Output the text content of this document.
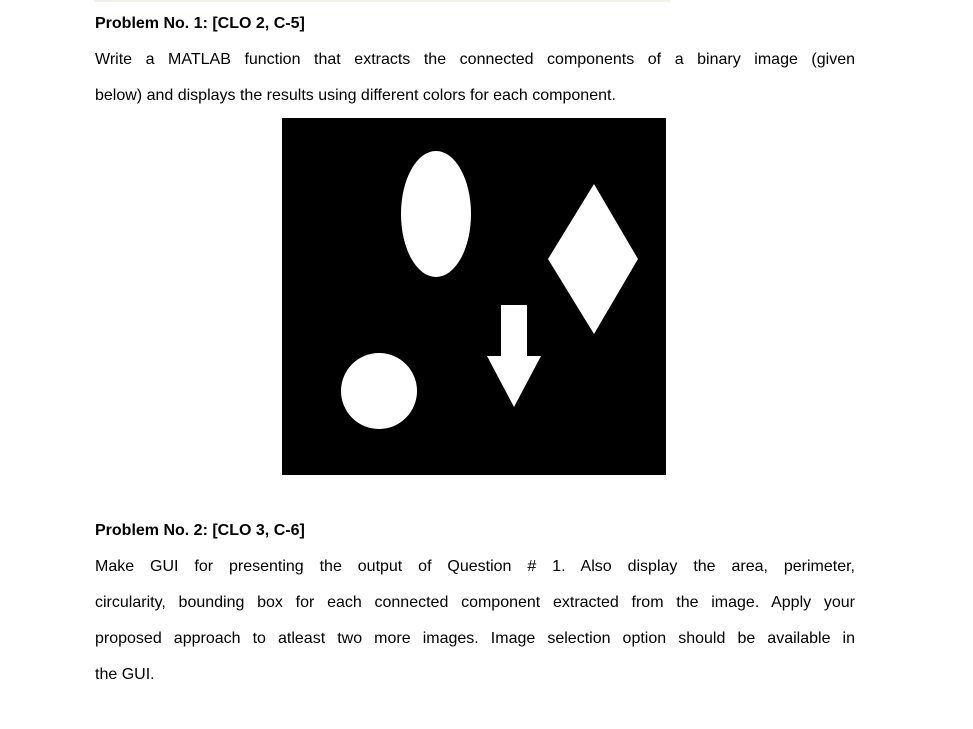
Problem No. 1: [CLO 2, C-5]
Write a MATLAB function that extracts the connected components of a binary image (given
below) and displays the results using different colors for each component.
Problem No. 2: [CLO 3, C-6]
Make GUI for presenting the output of Question # 1. Also display the area, perimeter,
circularity, bounding box for each connected component extracted from the image. Apply your
proposed approach to atleast two more images. Image selection option should be available in
the GUI.
